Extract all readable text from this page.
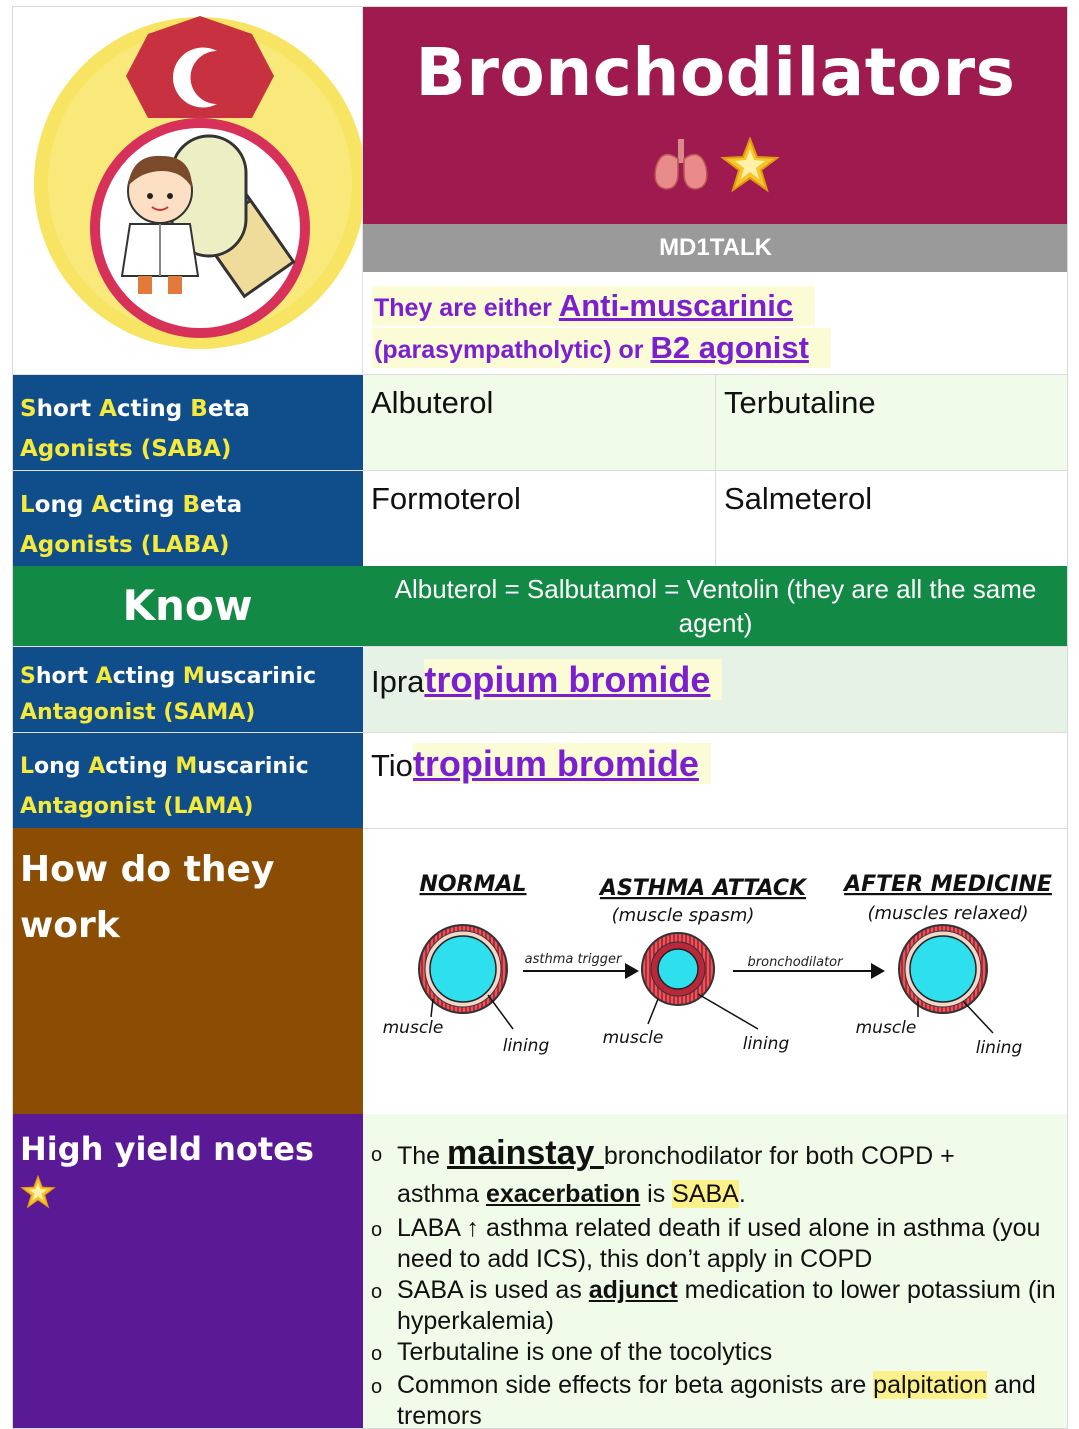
Bronchodilators
MD1TALK
They are either Anti-muscarinic
(parasympatholytic) or B2 agonist
Short Acting Beta
Agonists (SABA)
Albuterol	Terbutaline
Long Acting Beta
Agonists (LABA)
Formoterol	Salmeterol
Know	Albuterol = Salbutamol = Ventolin (they are all the same agent)
Short Acting Muscarinic
Antagonist (SAMA)
Ipratropium bromide
Long Acting Muscarinic
Antagonist (LAMA)
Tiotropium bromide
How do they
work
NORMAL	ASTHMA ATTACK
(muscle spasm)
AFTER MEDICINE
(muscles relaxed)
asthma trigger	bronchodilator
muscle
lining	muscle	lining
muscle
lining
High yield notes	o The mainstay bronchodilator for both COPD +
asthma exacerbation is SABA.
o LABA ↑ asthma related death if used alone in asthma (you need to add ICS), this don’t apply in COPD
o SABA is used as adjunct medication to lower potassium (in hyperkalemia)
o Terbutaline is one of the tocolytics
o Common side effects for beta agonists are palpitation and tremors
